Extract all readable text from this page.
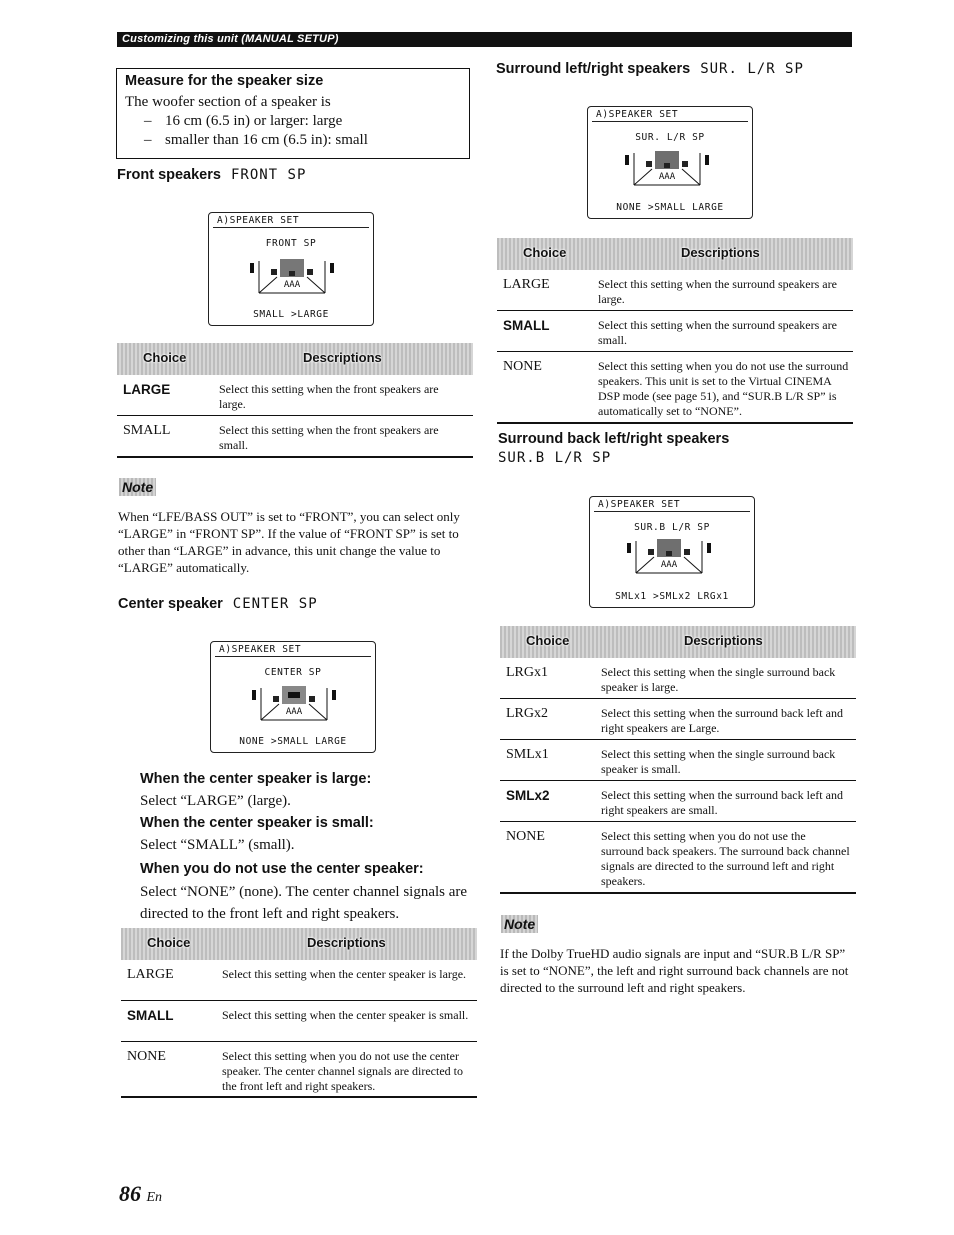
Customizing this unit (MANUAL SETUP)
Measure for the speaker size
The woofer section of a speaker is
– 16 cm (6.5 in) or larger: large
– smaller than 16 cm (6.5 in): small
Front speakers FRONT SP
A)SPEAKER SET
FRONT SP
ΑΑΑ
SMALL >LARGE
Choice	Descriptions
LARGE	Select this setting when the front speakers are large.
SMALL	Select this setting when the front speakers are small.
Note
When “LFE/BASS OUT” is set to “FRONT”, you can select only “LARGE” in “FRONT SP”. If the value of “FRONT SP” is set to other than “LARGE” in advance, this unit change the value to “LARGE” automatically.
Center speaker CENTER SP
A)SPEAKER SET
CENTER SP
ΑΑΑ
NONE >SMALL LARGE
When the center speaker is large:
Select “LARGE” (large).
When the center speaker is small:
Select “SMALL” (small).
When you do not use the center speaker:
Select “NONE” (none). The center channel signals are directed to the front left and right speakers.
Choice	Descriptions
LARGE	Select this setting when the center speaker is large.
SMALL	Select this setting when the center speaker is small.
NONE	Select this setting when you do not use the center speaker. The center channel signals are directed to the front left and right speakers.
Surround left/right speakers SUR. L/R SP
A)SPEAKER SET
SUR. L/R SP
ΑΑΑ
NONE >SMALL LARGE
Choice	Descriptions
LARGE	Select this setting when the surround speakers are large.
SMALL	Select this setting when the surround speakers are small.
NONE	Select this setting when you do not use the surround speakers. This unit is set to the Virtual CINEMA DSP mode (see page 51), and “SUR.B L/R SP” is automatically set to “NONE”.
Surround back left/right speakers
SUR.B L/R SP
A)SPEAKER SET
SUR.B L/R SP
ΑΑΑ
SMLx1 >SMLx2 LRGx1
Choice	Descriptions
LRGx1	Select this setting when the single surround back speaker is large.
LRGx2	Select this setting when the surround back left and right speakers are Large.
SMLx1	Select this setting when the single surround back speaker is small.
SMLx2	Select this setting when the surround back left and right speakers are small.
NONE	Select this setting when you do not use the surround back speakers. The surround back channel signals are directed to the surround left and right speakers.
Note
If the Dolby TrueHD audio signals are input and “SUR.B L/R SP” is set to “NONE”, the left and right surround back channels are not directed to the surround left and right speakers.
86 En
